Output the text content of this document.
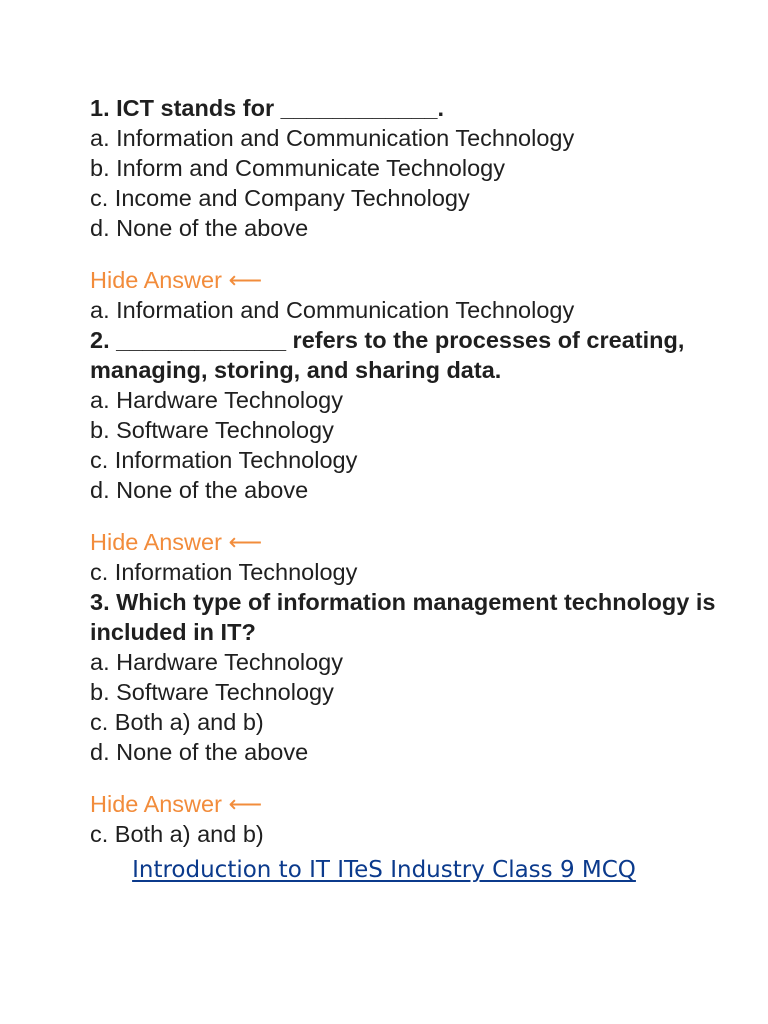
1. ICT stands for ____________.

a. Information and Communication Technology

b. Inform and Communicate Technology

c. Income and Company Technology

d. None of the above

Hide Answer ⟵

a. Information and Communication Technology

2. _____________ refers to the processes of creating, managing, storing, and sharing data.

a. Hardware Technology

b. Software Technology

c. Information Technology

d. None of the above

Hide Answer ⟵

c. Information Technology

3. Which type of information management technology is included in IT?

a. Hardware Technology

b. Software Technology

c. Both a) and b)

d. None of the above

Hide Answer ⟵

c. Both a) and b)

Introduction to IT ITeS Industry Class 9 MCQ
